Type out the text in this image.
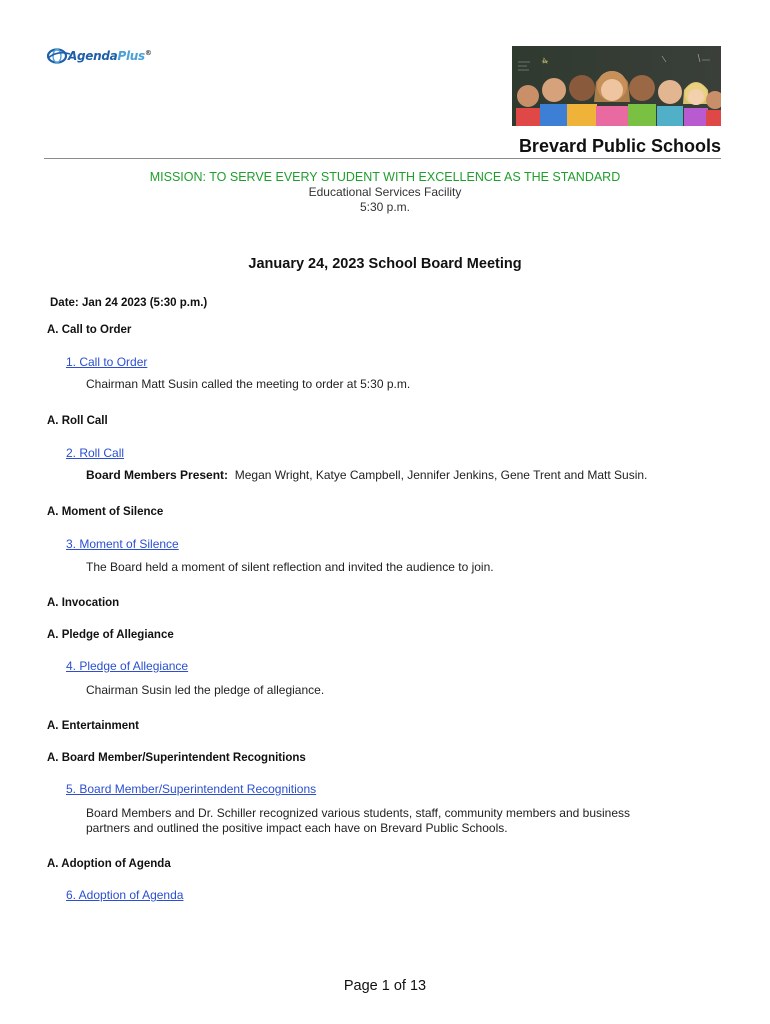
AgendaPlus®
Brevard Public Schools
MISSION: TO SERVE EVERY STUDENT WITH EXCELLENCE AS THE STANDARD
Educational Services Facility
5:30 p.m.
January 24, 2023 School Board Meeting
Date: Jan 24 2023 (5:30 p.m.)
A. Call to Order
1. Call to Order
Chairman Matt Susin called the meeting to order at 5:30 p.m.
A. Roll Call
2. Roll Call
Board Members Present: Megan Wright, Katye Campbell, Jennifer Jenkins, Gene Trent and Matt Susin.
A. Moment of Silence
3. Moment of Silence
The Board held a moment of silent reflection and invited the audience to join.
A. Invocation
A. Pledge of Allegiance
4. Pledge of Allegiance
Chairman Susin led the pledge of allegiance.
A. Entertainment
A. Board Member/Superintendent Recognitions
5. Board Member/Superintendent Recognitions
Board Members and Dr. Schiller recognized various students, staff, community members and business
partners and outlined the positive impact each have on Brevard Public Schools.
A. Adoption of Agenda
6. Adoption of Agenda
Page 1 of 13
